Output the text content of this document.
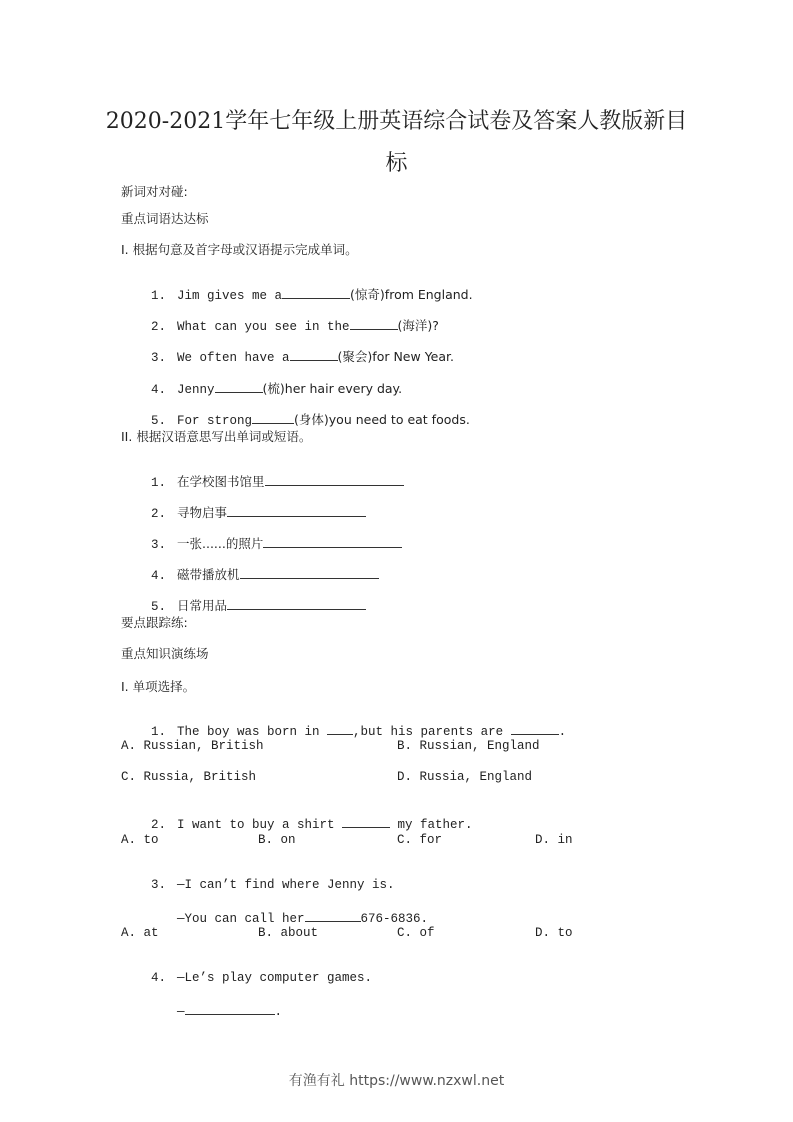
2020-2021学年七年级上册英语综合试卷及答案人教版新目
标
新词对对碰:
重点词语达达标
I. 根据句意及首字母或汉语提示完成单词。

1. Jim gives me a	(惊奇)from England.

2. What can you see in the	(海洋)?

3. We often have a	(聚会)for New Year.

4. Jenny	(梳)her hair every day.

5. For strong	(身体)you need to eat foods.

II. 根据汉语意思写出单词或短语。

1. 在学校图书馆里

2. 寻物启事

3. 一张......的照片

4. 磁带播放机

5. 日常用品

要点跟踪练:
重点知识演练场
I. 单项选择。

1. The boy was born in ,but his parents are	.

A. Russian, British	B. Russian, England
C. Russia, British	D. Russia, England

2. I want to buy a shirt	my father.

A. to	B. on	C. for	D. in

3. —I can’t find where Jenny is.

—You can call her	676-6836.

A. at	B. about	C. of	D. to

4. —Le’s play computer games.

—	.

有渔有礼 https://www.nzxwl.net
